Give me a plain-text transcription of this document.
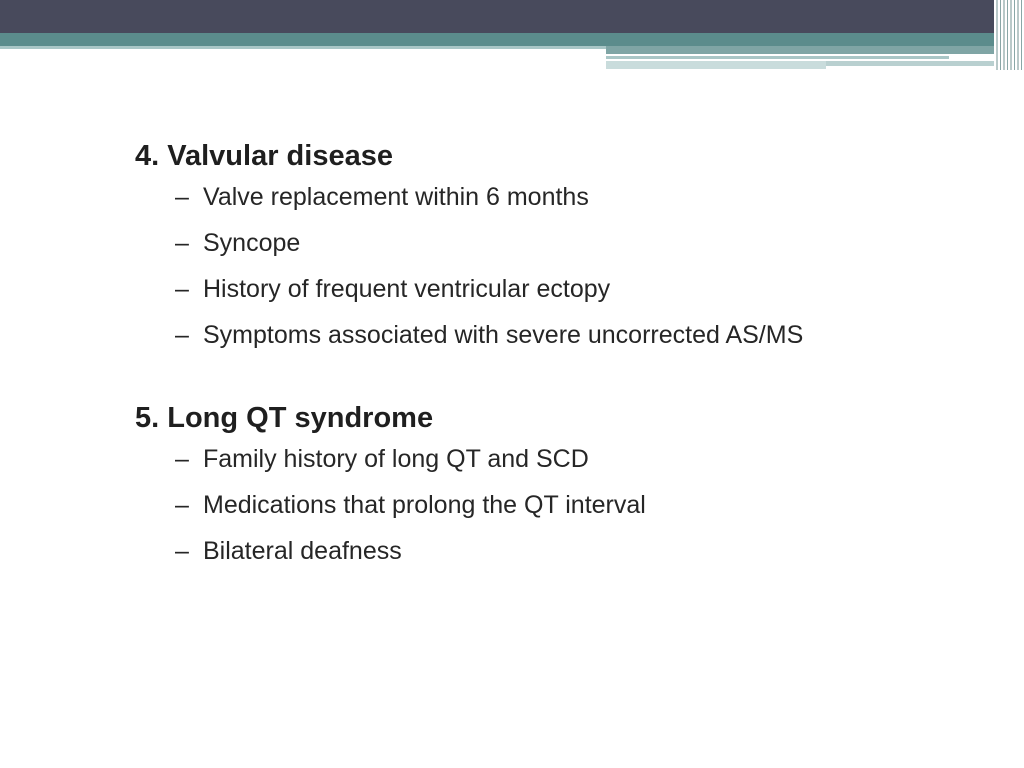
4. Valvular disease
– Valve replacement within 6 months
– Syncope
– History of frequent ventricular ectopy
– Symptoms associated with severe uncorrected AS/MS
5. Long QT syndrome
– Family history of long QT and SCD
– Medications that prolong the QT interval
– Bilateral deafness
